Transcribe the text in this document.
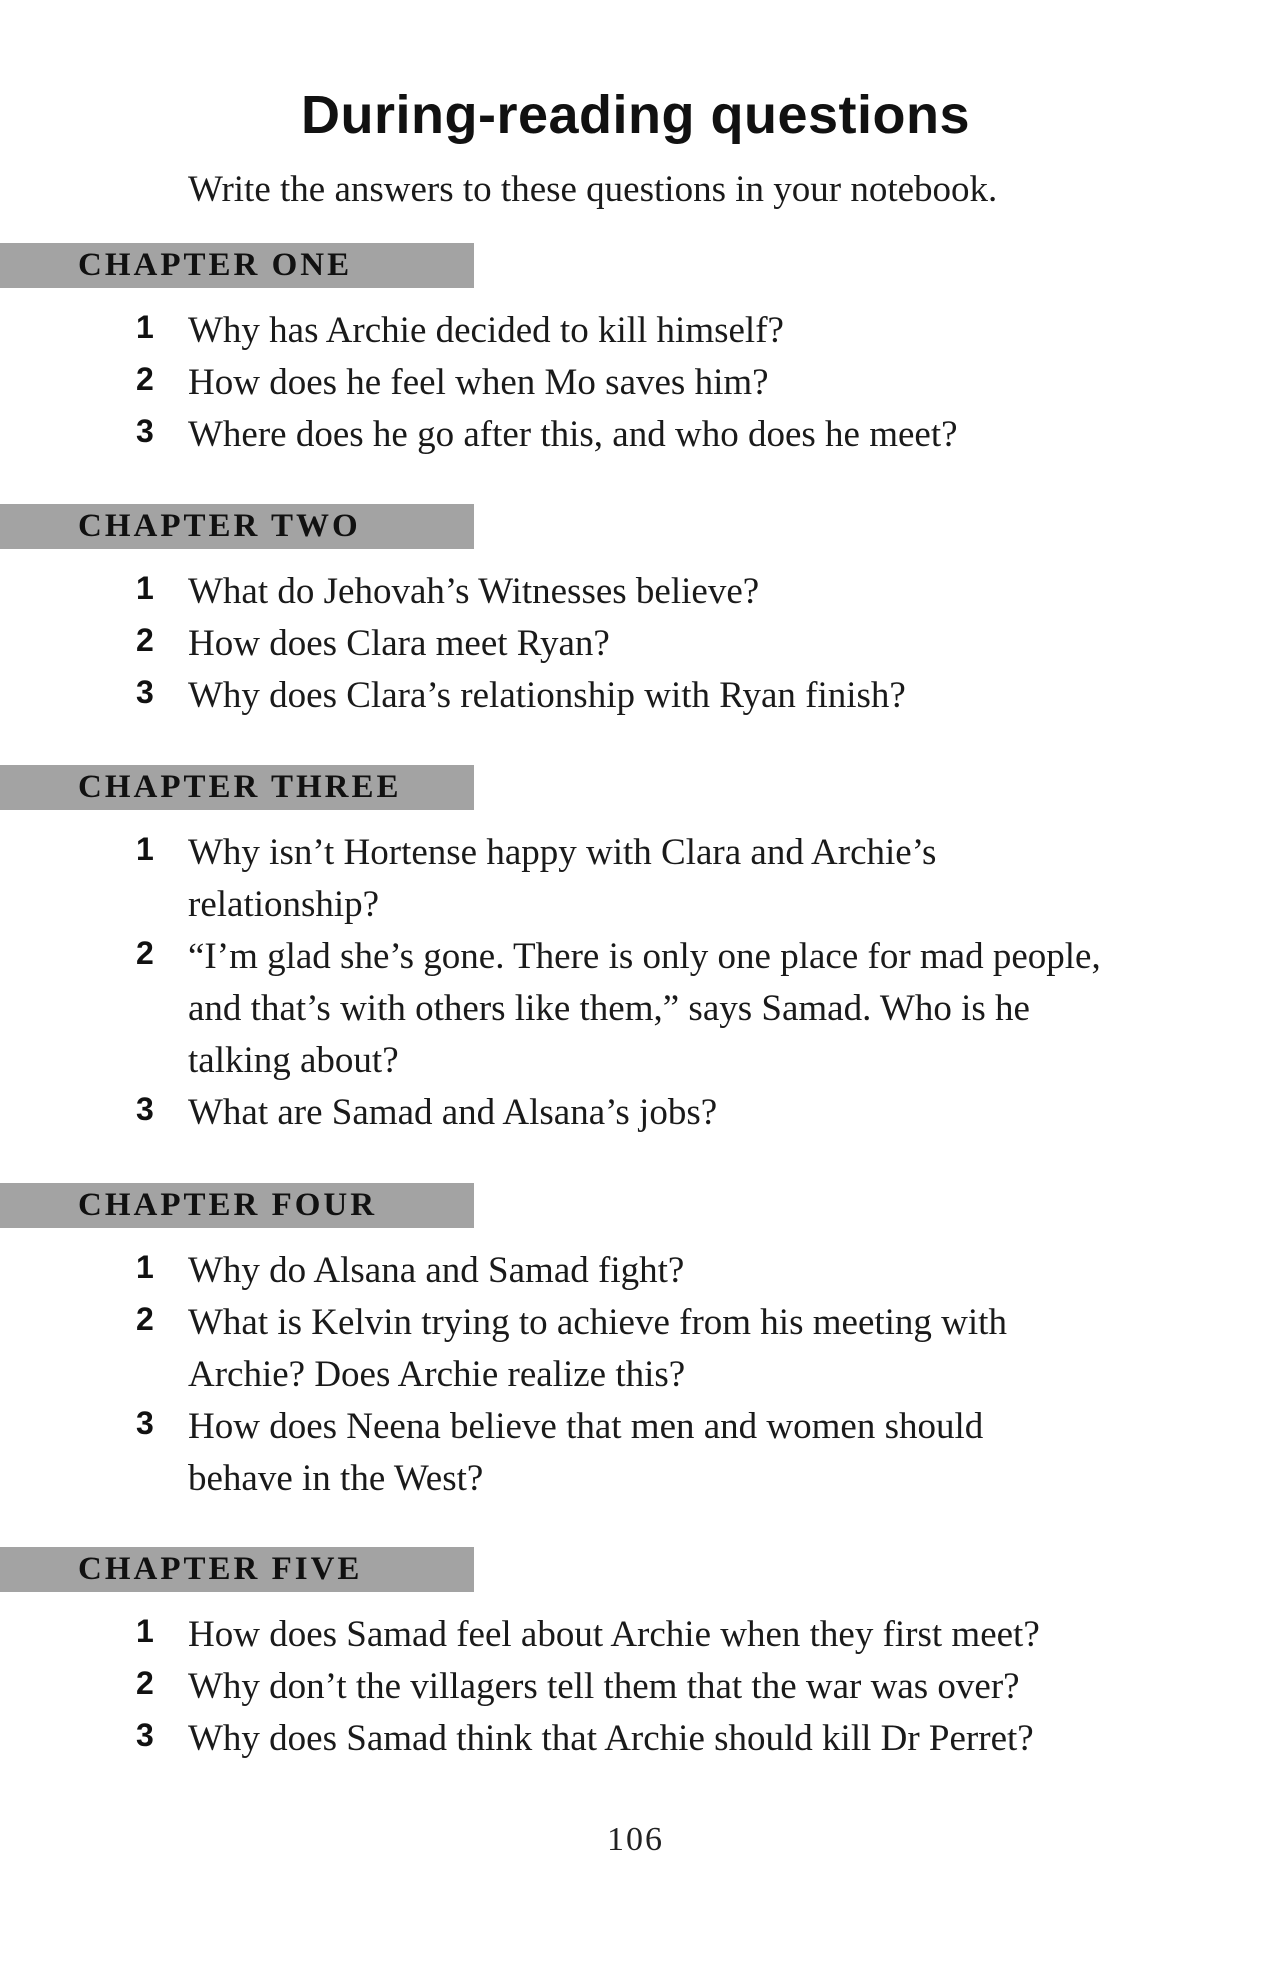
During-reading questions
Write the answers to these questions in your notebook.
CHAPTER ONE
1 Why has Archie decided to kill himself?
2 How does he feel when Mo saves him?
3 Where does he go after this, and who does he meet?
CHAPTER TWO
1 What do Jehovah’s Witnesses believe?
2 How does Clara meet Ryan?
3 Why does Clara’s relationship with Ryan finish?
CHAPTER THREE
1 Why isn’t Hortense happy with Clara and Archie’s relationship?
2 “I’m glad she’s gone. There is only one place for mad people, and that’s with others like them,” says Samad. Who is he talking about?
3 What are Samad and Alsana’s jobs?
CHAPTER FOUR
1 Why do Alsana and Samad fight?
2 What is Kelvin trying to achieve from his meeting with Archie? Does Archie realize this?
3 How does Neena believe that men and women should behave in the West?
CHAPTER FIVE
1 How does Samad feel about Archie when they first meet?
2 Why don’t the villagers tell them that the war was over?
3 Why does Samad think that Archie should kill Dr Perret?
106
